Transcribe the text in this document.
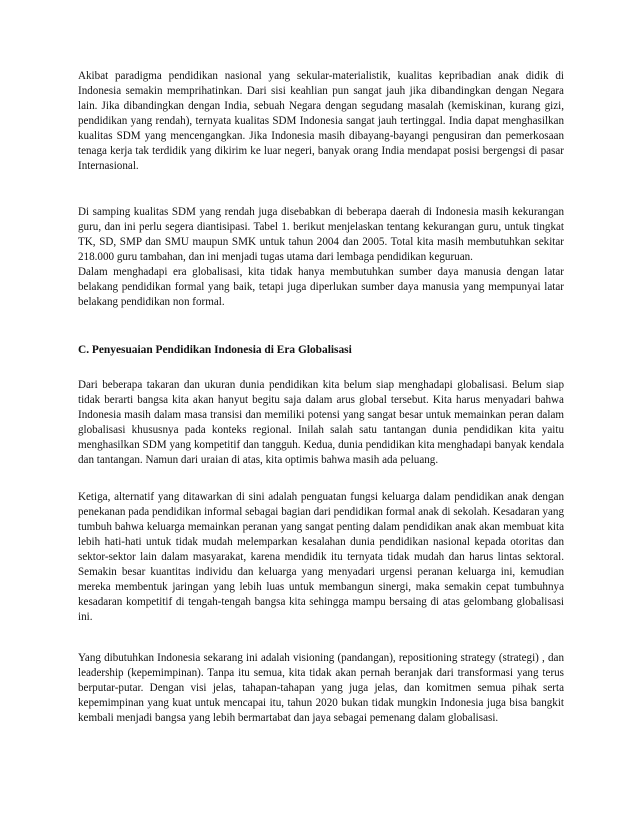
Akibat paradigma pendidikan nasional yang sekular-materialistik, kualitas kepribadian anak didik di Indonesia semakin memprihatinkan. Dari sisi keahlian pun sangat jauh jika dibandingkan dengan Negara lain. Jika dibandingkan dengan India, sebuah Negara dengan segudang masalah (kemiskinan, kurang gizi, pendidikan yang rendah), ternyata kualitas SDM Indonesia sangat jauh tertinggal. India dapat menghasilkan kualitas SDM yang mencengangkan. Jika Indonesia masih dibayang-bayangi pengusiran dan pemerkosaan tenaga kerja tak terdidik yang dikirim ke luar negeri, banyak orang India mendapat posisi bergengsi di pasar Internasional.

Di samping kualitas SDM yang rendah juga disebabkan di beberapa daerah di Indonesia masih kekurangan guru, dan ini perlu segera diantisipasi. Tabel 1. berikut menjelaskan tentang kekurangan guru, untuk tingkat TK, SD, SMP dan SMU maupun SMK untuk tahun 2004 dan 2005. Total kita masih membutuhkan sekitar 218.000 guru tambahan, dan ini menjadi tugas utama dari lembaga pendidikan keguruan.

Dalam menghadapi era globalisasi, kita tidak hanya membutuhkan sumber daya manusia dengan latar belakang pendidikan formal yang baik, tetapi juga diperlukan sumber daya manusia yang mempunyai latar belakang pendidikan non formal.

C. Penyesuaian Pendidikan Indonesia di Era Globalisasi

Dari beberapa takaran dan ukuran dunia pendidikan kita belum siap menghadapi globalisasi. Belum siap tidak berarti bangsa kita akan hanyut begitu saja dalam arus global tersebut. Kita harus menyadari bahwa Indonesia masih dalam masa transisi dan memiliki potensi yang sangat besar untuk memainkan peran dalam globalisasi khususnya pada konteks regional. Inilah salah satu tantangan dunia pendidikan kita yaitu menghasilkan SDM yang kompetitif dan tangguh. Kedua, dunia pendidikan kita menghadapi banyak kendala dan tantangan. Namun dari uraian di atas, kita optimis bahwa masih ada peluang.

Ketiga, alternatif yang ditawarkan di sini adalah penguatan fungsi keluarga dalam pendidikan anak dengan penekanan pada pendidikan informal sebagai bagian dari pendidikan formal anak di sekolah. Kesadaran yang tumbuh bahwa keluarga memainkan peranan yang sangat penting dalam pendidikan anak akan membuat kita lebih hati-hati untuk tidak mudah melemparkan kesalahan dunia pendidikan nasional kepada otoritas dan sektor-sektor lain dalam masyarakat, karena mendidik itu ternyata tidak mudah dan harus lintas sektoral. Semakin besar kuantitas individu dan keluarga yang menyadari urgensi peranan keluarga ini, kemudian mereka membentuk jaringan yang lebih luas untuk membangun sinergi, maka semakin cepat tumbuhnya kesadaran kompetitif di tengah-tengah bangsa kita sehingga mampu bersaing di atas gelombang globalisasi ini.

Yang dibutuhkan Indonesia sekarang ini adalah visioning (pandangan), repositioning strategy (strategi) , dan leadership (kepemimpinan). Tanpa itu semua, kita tidak akan pernah beranjak dari transformasi yang terus berputar-putar. Dengan visi jelas, tahapan-tahapan yang juga jelas, dan komitmen semua pihak serta kepemimpinan yang kuat untuk mencapai itu, tahun 2020 bukan tidak mungkin Indonesia juga bisa bangkit kembali menjadi bangsa yang lebih bermartabat dan jaya sebagai pemenang dalam globalisasi.
